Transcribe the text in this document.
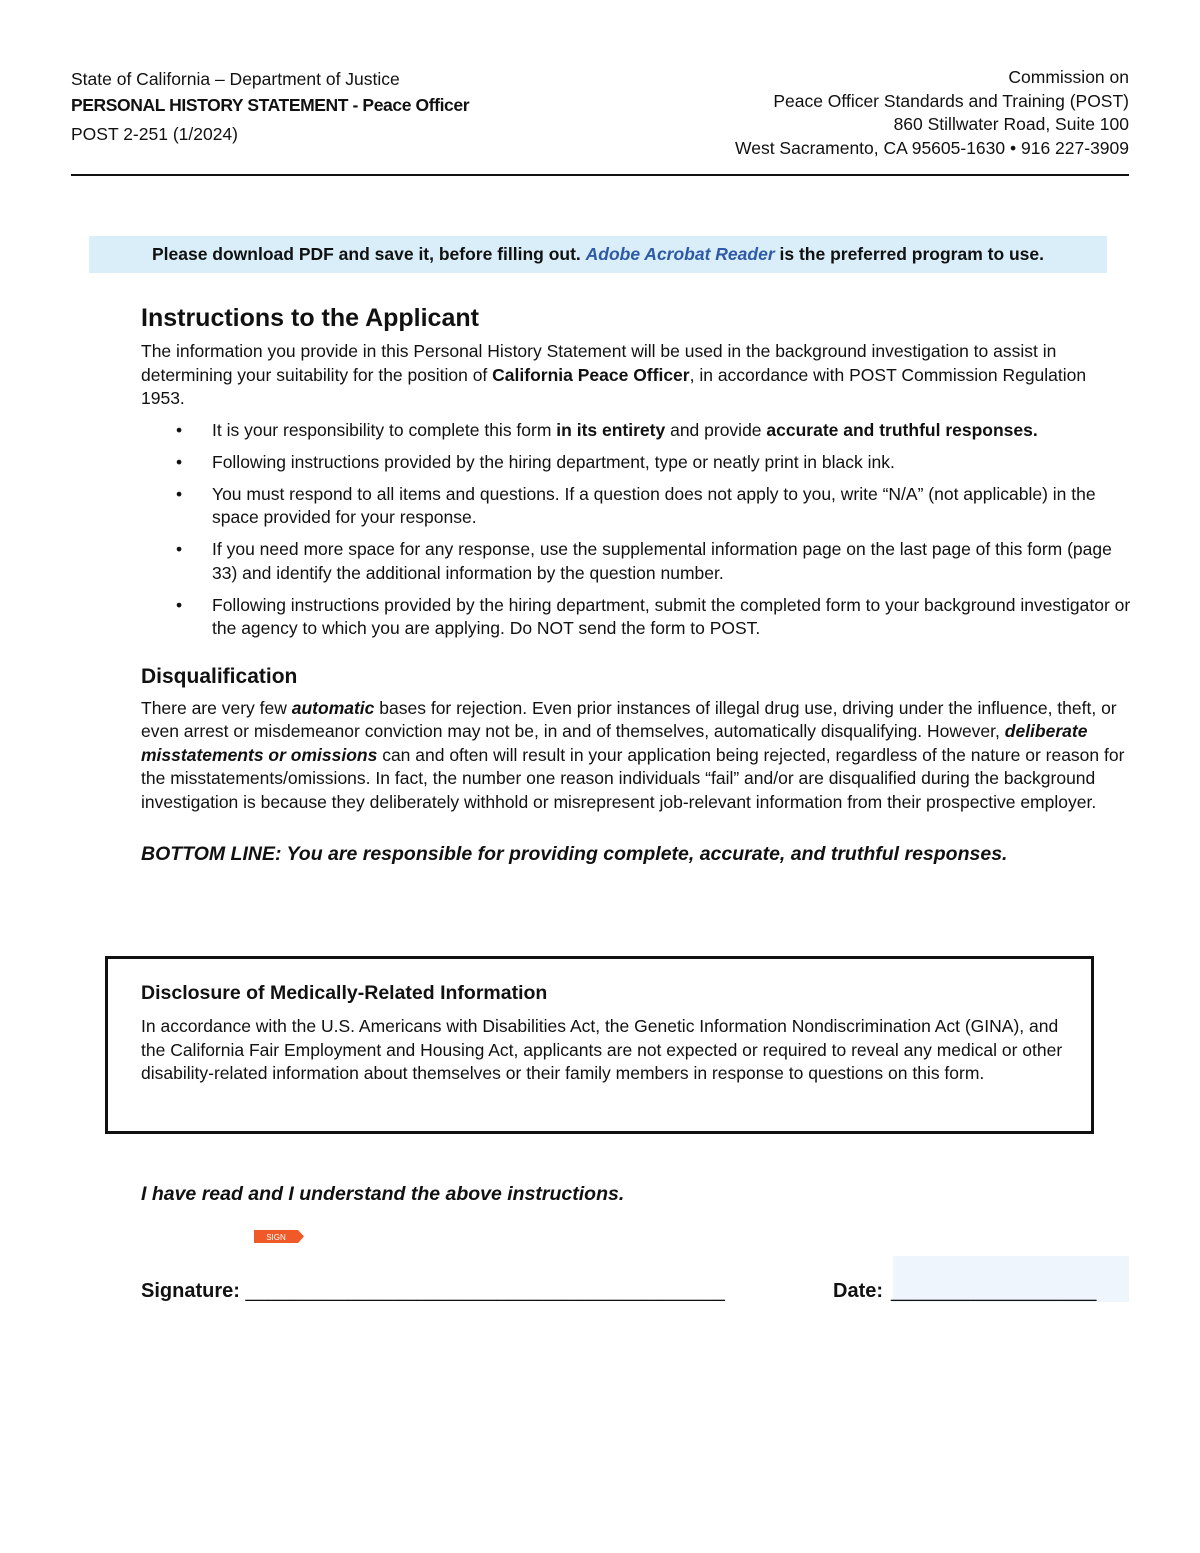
State of California – Department of Justice
PERSONAL HISTORY STATEMENT - Peace Officer
POST 2-251 (1/2024)
Commission on
Peace Officer Standards and Training (POST)
860 Stillwater Road, Suite 100
West Sacramento, CA 95605-1630 • 916 227-3909
Please download PDF and save it, before filling out. Adobe Acrobat Reader is the preferred program to use.
Instructions to the Applicant

The information you provide in this Personal History Statement will be used in the background investigation to assist in determining your suitability for the position of California Peace Officer, in accordance with POST Commission Regulation 1953.

• It is your responsibility to complete this form in its entirety and provide accurate and truthful responses.
• Following instructions provided by the hiring department, type or neatly print in black ink.
• You must respond to all items and questions. If a question does not apply to you, write “N/A” (not applicable) in the space provided for your response.
• If you need more space for any response, use the supplemental information page on the last page of this form (page 33) and identify the additional information by the question number.
• Following instructions provided by the hiring department, submit the completed form to your background investigator or the agency to which you are applying. Do NOT send the form to POST.
Disqualification

There are very few automatic bases for rejection. Even prior instances of illegal drug use, driving under the influence, theft, or even arrest or misdemeanor conviction may not be, in and of themselves, automatically disqualifying. However, deliberate misstatements or omissions can and often will result in your application being rejected, regardless of the nature or reason for the misstatements/omissions. In fact, the number one reason individuals “fail” and/or are disqualified during the background investigation is because they deliberately withhold or misrepresent job-relevant information from their prospective employer.

BOTTOM LINE: You are responsible for providing complete, accurate, and truthful responses.
Disclosure of Medically-Related Information

In accordance with the U.S. Americans with Disabilities Act, the Genetic Information Nondiscrimination Act (GINA), and the California Fair Employment and Housing Act, applicants are not expected or required to reveal any medical or other disability-related information about themselves or their family members in response to questions on this form.

I have read and I understand the above instructions.
SIGN
Signature: __________________________________________	Date: __________________
